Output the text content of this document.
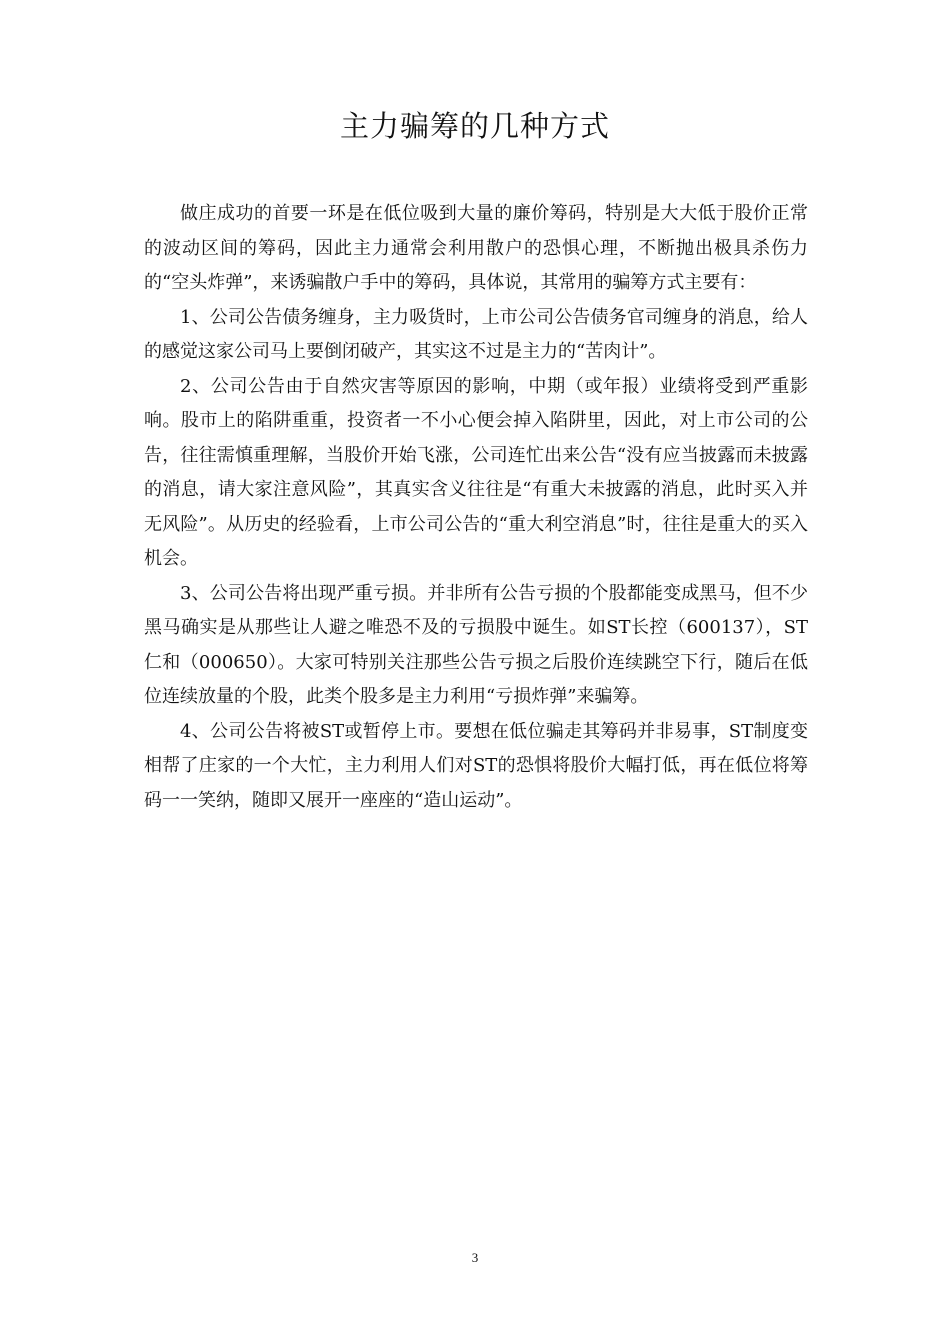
主力骗筹的几种方式

做庄成功的首要一环是在低位吸到大量的廉价筹码，特别是大大低于股价正常的波动区间的筹码，因此主力通常会利用散户的恐惧心理，不断抛出极具杀伤力的“空头炸弹”，来诱骗散户手中的筹码，具体说，其常用的骗筹方式主要有：

1、公司公告债务缠身，主力吸货时，上市公司公告债务官司缠身的消息，给人的感觉这家公司马上要倒闭破产，其实这不过是主力的“苦肉计”。

2、公司公告由于自然灾害等原因的影响，中期（或年报）业绩将受到严重影响。股市上的陷阱重重，投资者一不小心便会掉入陷阱里，因此，对上市公司的公告，往往需慎重理解，当股价开始飞涨，公司连忙出来公告“没有应当披露而未披露的消息，请大家注意风险”，其真实含义往往是“有重大未披露的消息，此时买入并无风险”。从历史的经验看，上市公司公告的“重大利空消息”时，往往是重大的买入机会。

3、公司公告将出现严重亏损。并非所有公告亏损的个股都能变成黑马，但不少黑马确实是从那些让人避之唯恐不及的亏损股中诞生。如ST长控（600137），ST 仁和（000650）。大家可特别关注那些公告亏损之后股价连续跳空下行，随后在低位连续放量的个股，此类个股多是主力利用“亏损炸弹”来骗筹。

4、公司公告将被ST或暂停上市。要想在低位骗走其筹码并非易事，ST制度变相帮了庄家的一个大忙，主力利用人们对ST的恐惧将股价大幅打低，再在低位将筹码一一笑纳，随即又展开一座座的“造山运动”。

3
